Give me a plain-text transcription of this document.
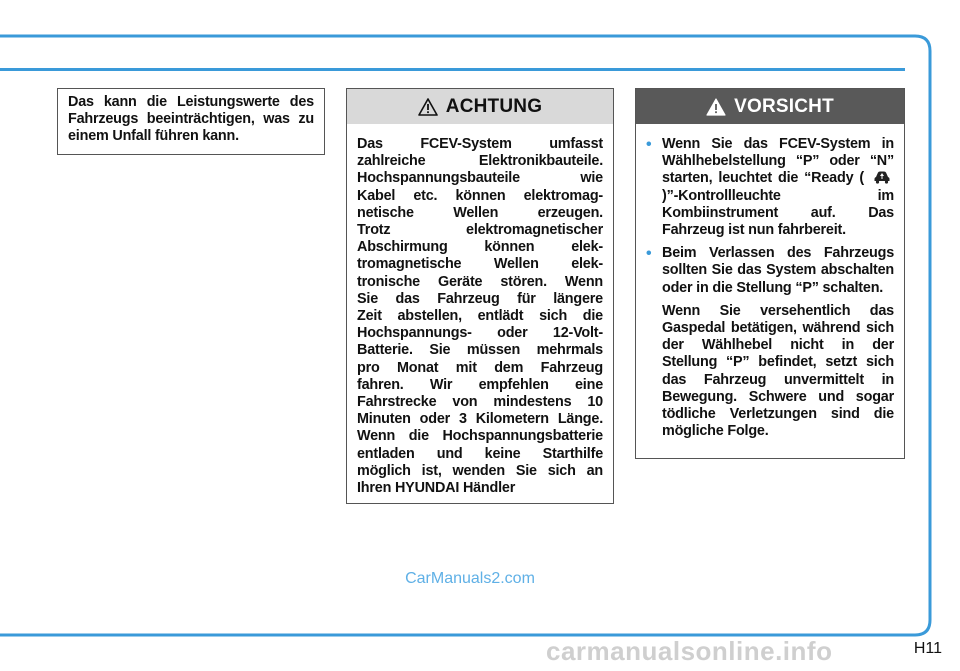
Das kann die Leistungswerte des Fahrzeugs beeinträchtigen, was zu einem Unfall führen kann.
ACHTUNG
Das FCEV-System umfasst
zahlreiche Elektronikbauteile.
Hochspannungsbauteile wie
Kabel etc. können elektromag-
netische Wellen erzeugen.
Trotz elektromagnetischer
Abschirmung können elek-
tromagnetische Wellen elek-
tronische Geräte stören. Wenn
Sie das Fahrzeug für längere
Zeit abstellen, entlädt sich die
Hochspannungs- oder 12-Volt-
Batterie. Sie müssen mehrmals
pro Monat mit dem Fahrzeug
fahren. Wir empfehlen eine
Fahrstrecke von mindestens 10
Minuten oder 3 Kilometern Länge.
Wenn die Hochspannungsbatterie
entladen und keine Starthilfe
möglich ist, wenden Sie sich an
Ihren HYUNDAI Händler
VORSICHT
• Wenn Sie das FCEV-System in Wählhebelstellung “P” oder “N” starten, leuchtet die “Ready (  )”-Kontrollleuchte im Kombiinstrument auf. Das Fahrzeug ist nun fahrbereit.
• Beim Verlassen des Fahrzeugs sollten Sie das System abschalten oder in die Stellung “P” schalten.
Wenn Sie versehentlich das Gaspedal betätigen, während sich der Wählhebel nicht in der Stellung “P” befindet, setzt sich das Fahrzeug unvermittelt in Bewegung. Schwere und sogar tödliche Verletzungen sind die mögliche Folge.
CarManuals2.com
carmanualsonline.info	H11
